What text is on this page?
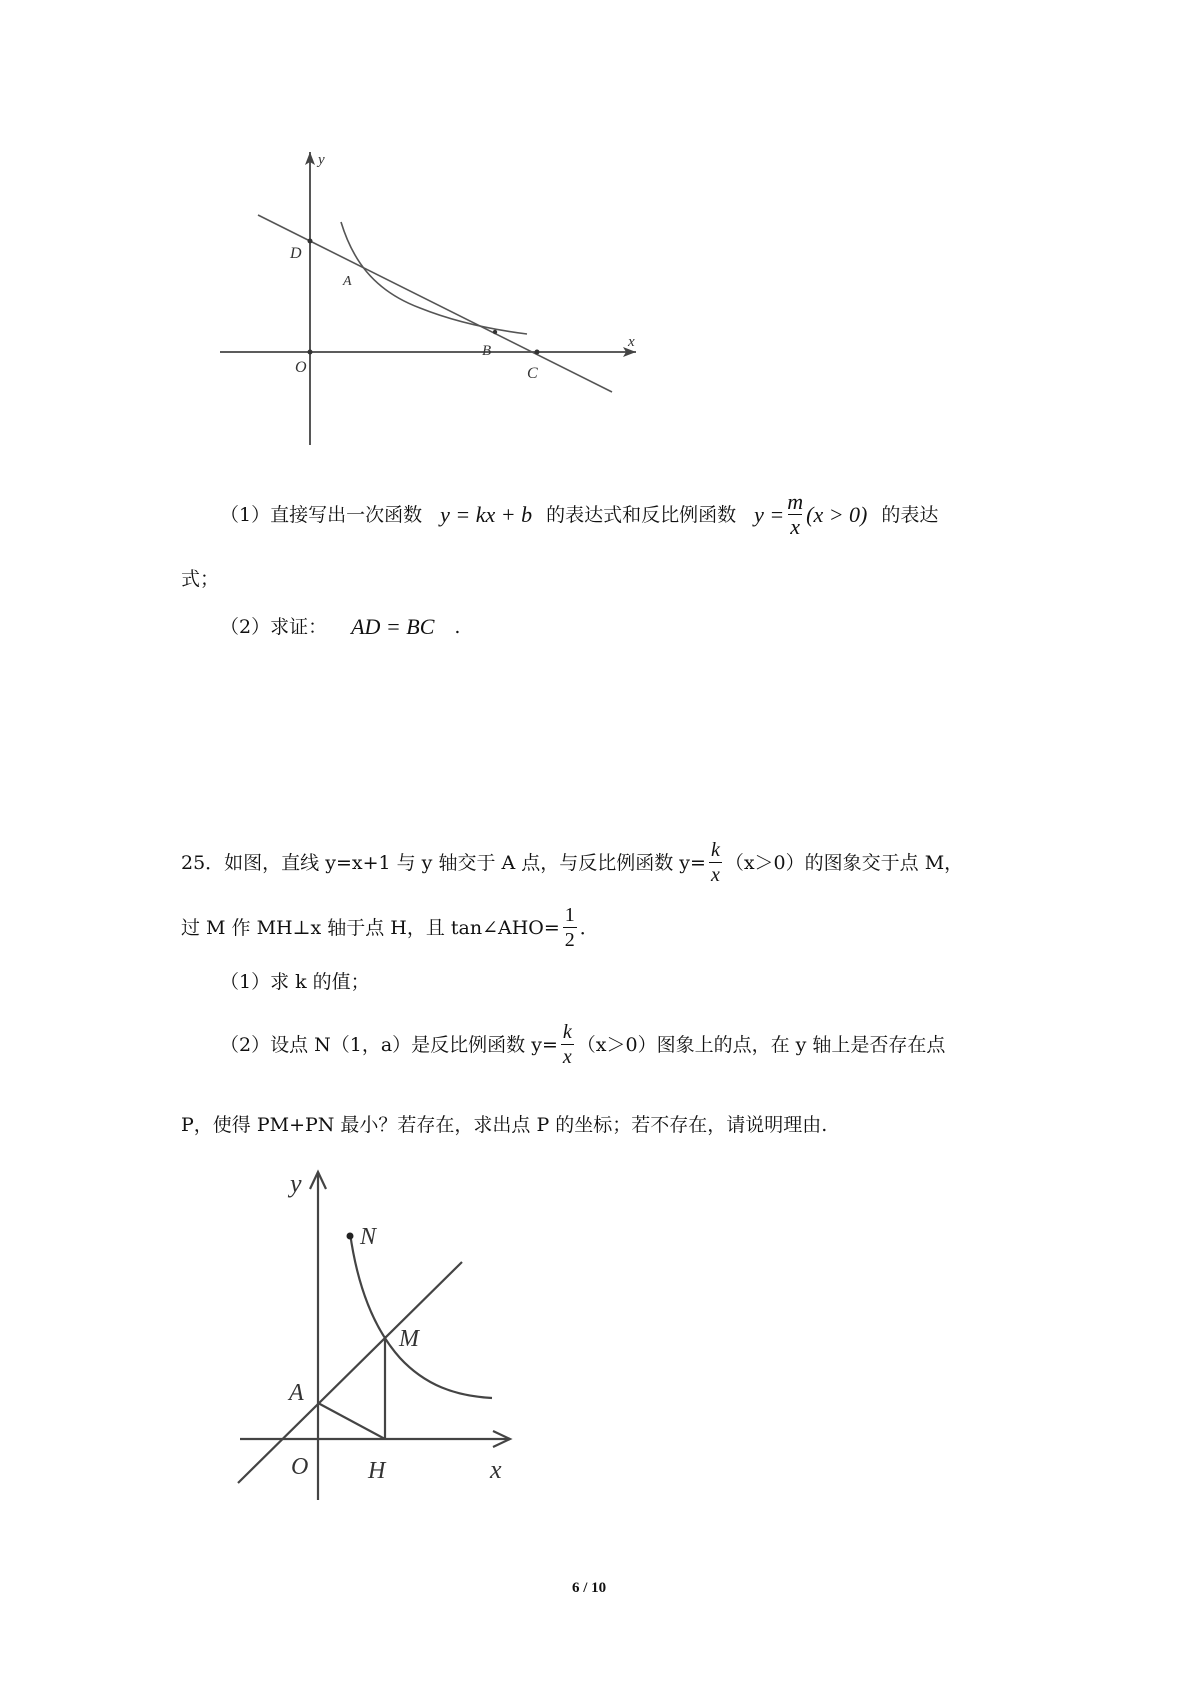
y
x
D
A
O
B
C
（1）直接写出一次函数 y = kx + b 的表达式和反比例函数 $y = \frac{m}{x} (x > 0)$ 的表达
式；
（2）求证： AD = BC .
25．如图，直线 y=x+1 与 y 轴交于 A 点，与反比例函数 $y= \frac{k}{x} (x>0)$的图象交于点 M，
过 M 作 MH⊥x 轴于点 H，且 tan∠AHO= $\frac{1}{2}$ ．
（1）求 k 的值；
（2）设点 N（1，a）是反比例函数 $y= \frac{k}{x} (x>0)$图象上的点，在 y 轴上是否存在点
P，使得 PM+PN 最小？若存在，求出点 P 的坐标；若不存在，请说明理由.
y
N
M
A
O H	x
6 / 10
